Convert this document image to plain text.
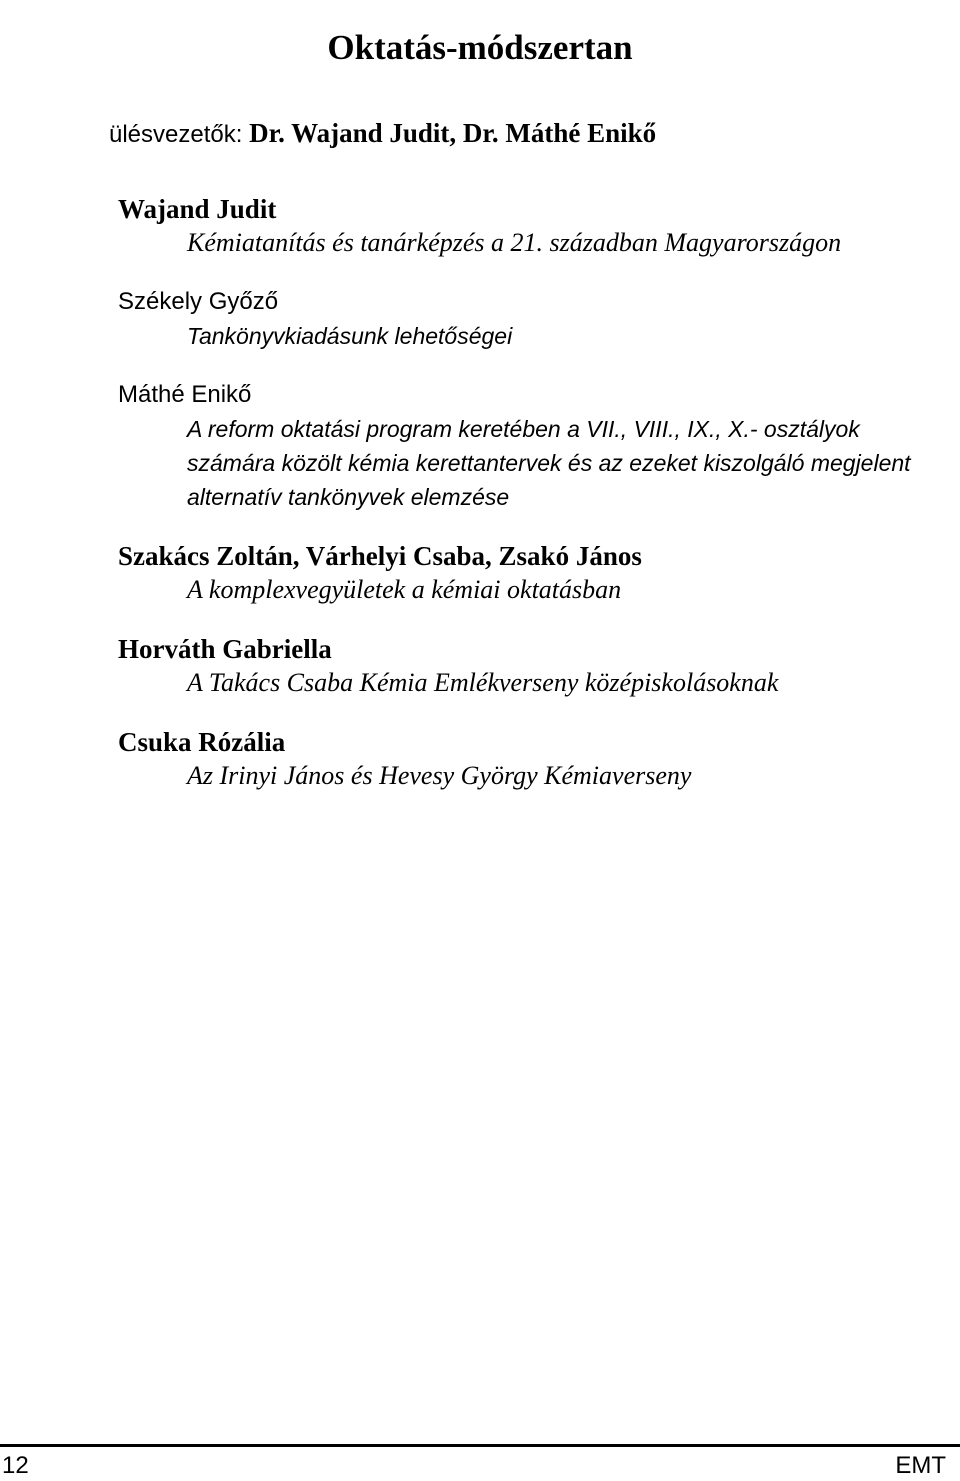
Oktatás-módszertan
ülésvezetők: Dr. Wajand Judit, Dr. Máthé Enikő
Wajand Judit
Kémiatanítás és tanárképzés a 21. században Magyarországon
Székely Győző
Tankönyvkiadásunk lehetőségei
Máthé Enikő
A reform oktatási program keretében a VII., VIII., IX., X.- osztályok számára közölt kémia kerettantervek és az ezeket kiszolgáló megjelent alternatív tankönyvek elemzése
Szakács Zoltán, Várhelyi Csaba, Zsakó János
A komplexvegyületek a kémiai oktatásban
Horváth Gabriella
A Takács Csaba Kémia Emlékverseny középiskolásoknak
Csuka Rózália
Az Irinyi János és Hevesy György Kémiaverseny
12	EMT
